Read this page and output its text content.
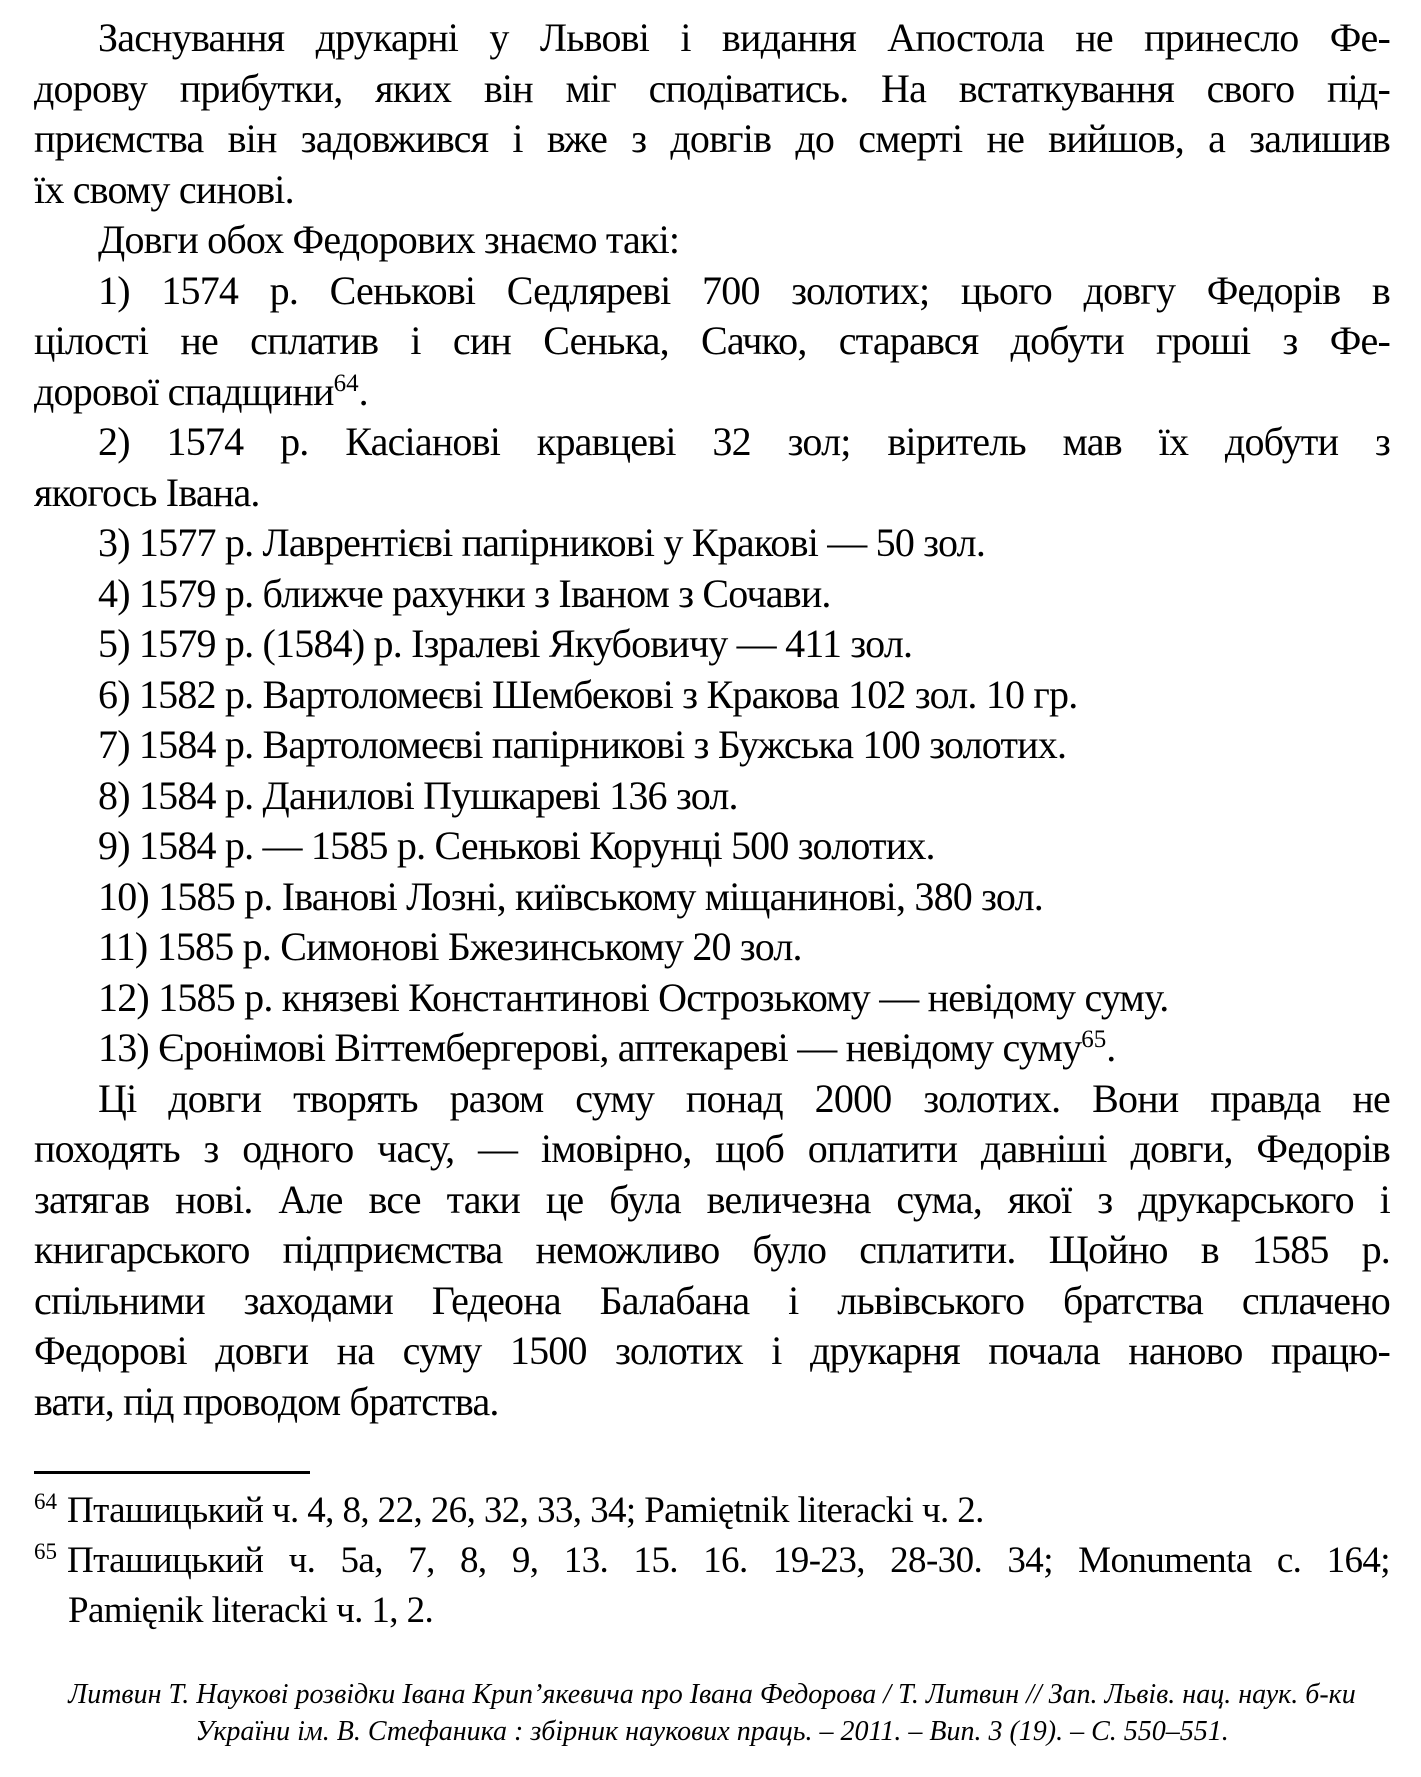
Заснування друкарні у Львові і видання Апостола не принесло Фе-
дорову прибутки, яких він міг сподіватись. На встаткування свого під-
приємства він задовжився і вже з довгів до смерті не вийшов, а залишив
їх свому синові.
Довги обох Федорових знаємо такі:
1) 1574 р. Сенькові Седляреві 700 золотих; цього довгу Федорів в
цілості не сплатив і син Сенька, Сачко, старався добути гроші з Фе-
дорової спадщини$^{64}$.
2) 1574 р. Касіанові кравцеві 32 зол; віритель мав їх добути з
якогось Івана.
3) 1577 р. Лаврентієві папірникові у Кракові — 50 зол.
4) 1579 р. ближче рахунки з Іваном з Сочави.
5) 1579 р. (1584) р. Ізралеві Якубовичу — 411 зол.
6) 1582 р. Вартоломеєві Шембекові з Кракова 102 зол. 10 гр.
7) 1584 р. Вартоломеєві папірникові з Бужська 100 золотих.
8) 1584 р. Данилові Пушкареві 136 зол.
9) 1584 р. — 1585 р. Сенькові Корунці 500 золотих.
10) 1585 р. Іванові Лозні, київському міщанинові, 380 зол.
11) 1585 р. Симонові Бжезинському 20 зол.
12) 1585 р. князеві Константинові Острозькому — невідому суму.
13) Єронімові Віттембергерові, аптекареві — невідому суму$^{65}$.
Ці довги творять разом суму понад 2000 золотих. Вони правда не
походять з одного часу, — імовірно, щоб оплатити давніші довги, Федорів
затягав нові. Але все таки це була величезна сума, якої з друкарського і
книгарського підприємства неможливо було сплатити. Щойно в 1585 р.
спільними заходами Гедеона Балабана і львівського братства сплачено
Федорові довги на суму 1500 золотих і друкарня почала наново працю-
вати, під проводом братства.
$^{64}$ Пташицький ч. 4, 8, 22, 26, 32, 33, 34; Pamiętnik literacki ч. 2.
$^{65}$ Пташицький ч. 5а, 7, 8, 9, 13. 15. 16. 19-23, 28-30. 34; Monumenta с. 164;
Pamięnik literacki ч. 1, 2.
Литвин Т. Наукові розвідки Івана Крип’якевича про Івана Федорова / Т. Литвин // Зап. Львів. нац. наук. б-ки
України ім. В. Стефаника : збірник наукових праць. – 2011. – Вип. 3 (19). – С. 550–551.
